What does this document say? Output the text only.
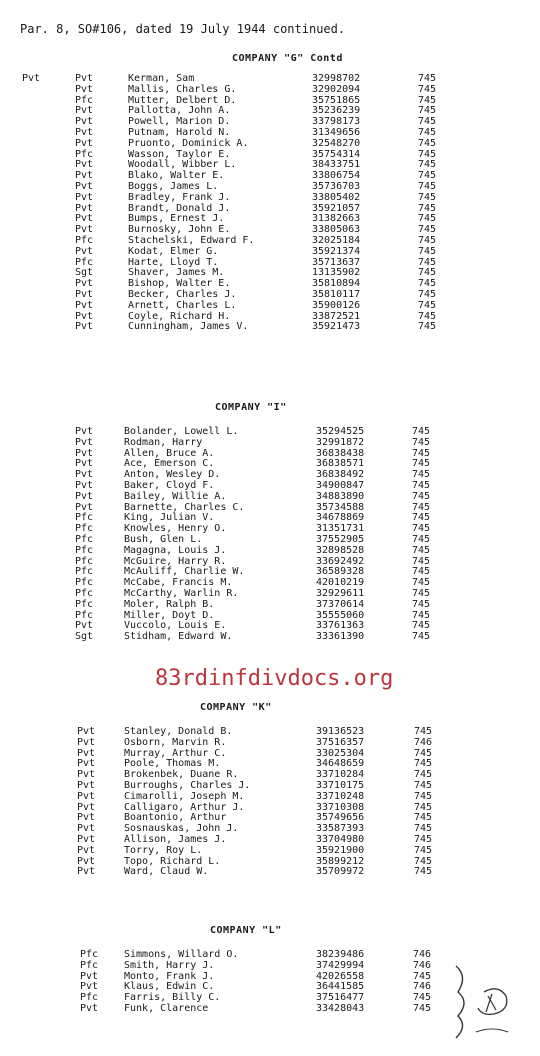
Par. 8, SO#106, dated 19 July 1944 continued.
COMPANY "G" Contd
Pvt	Pvt	Kerman, Sam	32998702	745
Pvt	Mallis, Charles G.	32902094	745
Pfc	Mutter, Delbert D.	35751865	745
Pvt	Pallotta, John A.	35236239	745
Pvt	Powell, Marion D.	33798173	745
Pvt	Putnam, Harold N.	31349656	745
Pvt	Pruonto, Dominick A.	32548270	745
Pfc	Wasson, Taylor E.	35754314	745
Pvt	Woodall, Wibber L.	38433751	745
Pvt	Blako, Walter E.	33806754	745
Pvt	Boggs, James L.	35736703	745
Pvt	Bradley, Frank J.	33805402	745
Pvt	Brandt, Donald J.	35921057	745
Pvt	Bumps, Ernest J.	31382663	745
Pvt	Burnosky, John E.	33805063	745
Pfc	Stachelski, Edward F.	32025184	745
Pvt	Kodat, Elmer G.	35921374	745
Pfc	Harte, Lloyd T.	35713637	745
Sgt	Shaver, James M.	13135902	745
Pvt	Bishop, Walter E.	35810894	745
Pvt	Becker, Charles J.	35810117	745
Pvt	Arnett, Charles L.	35900126	745
Pvt	Coyle, Richard H.	33872521	745
Pvt	Cunningham, James V.	35921473	745
COMPANY "I"
Pvt	Bolander, Lowell L.	35294525	745
Pvt	Rodman, Harry	32991872	745
Pvt	Allen, Bruce A.	36838438	745
Pvt	Ace, Emerson C.	36838571	745
Pvt	Anton, Wesley D.	36838492	745
Pvt	Baker, Cloyd F.	34900847	745
Pvt	Bailey, Willie A.	34883890	745
Pvt	Barnette, Charles C.	35734588	745
Pfc	King, Julian V.	34678869	745
Pfc	Knowles, Henry O.	31351731	745
Pfc	Bush, Glen L.	37552905	745
Pfc	Magagna, Louis J.	32898528	745
Pfc	McGuire, Harry R.	33692492	745
Pfc	McAuliff, Charlie W.	36589328	745
Pfc	McCabe, Francis M.	42010219	745
Pfc	McCarthy, Warlin R.	32929611	745
Pfc	Moler, Ralph B.	37370614	745
Pfc	Miller, Doyt D.	35555060	745
Pvt	Vuccolo, Louis E.	33761363	745
Sgt	Stidham, Edward W.	33361390	745
COMPANY "K"
Pvt	Stanley, Donald B.	39136523	745
Pvt	Osborn, Marvin R.	37516357	746
Pvt	Murray, Arthur C.	33025304	745
Pvt	Poole, Thomas M.	34648659	745
Pvt	Brokenbek, Duane R.	33710284	745
Pvt	Burroughs, Charles J.	33710175	745
Pvt	Cimarolli, Joseph M.	33710248	745
Pvt	Calligaro, Arthur J.	33710308	745
Pvt	Boantonio, Arthur	35749656	745
Pvt	Sosnauskas, John J.	33587393	745
Pvt	Allison, James J.	33704980	745
Pvt	Torry, Roy L.	35921900	745
Pvt	Topo, Richard L.	35899212	745
Pvt	Ward, Claud W.	35709972	745
COMPANY "L"
Pfc	Simmons, Willard O.	38239486	746
Pfc	Smith, Harry J.	37429994	746
Pvt	Monto, Frank J.	42026558	745
Pvt	Klaus, Edwin C.	36441585	746
Pfc	Farris, Billy C.	37516477	745
Pvt	Funk, Clarence	33428043	745
83rdinfdivdocs.org
